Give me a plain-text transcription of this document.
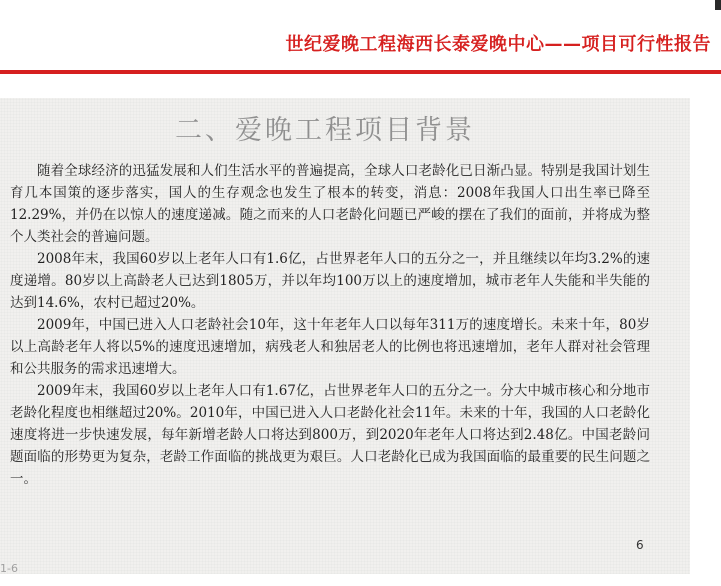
世纪爱晚工程海西长泰爱晚中心——项目可行性报告
二、爱晚工程项目背景

随着全球经济的迅猛发展和人们生活水平的普遍提高，全球人口老龄化已日渐凸显。特别是我国计划生育几本国策的逐步落实，国人的生存观念也发生了根本的转变，消息：2008年我国人口出生率已降至12.29%，并仍在以惊人的速度递减。随之而来的人口老龄化问题已严峻的摆在了我们的面前，并将成为整个人类社会的普遍问题。

2008年末，我国60岁以上老年人口有1.6亿，占世界老年人口的五分之一，并且继续以年均3.2%的速度递增。80岁以上高龄老人已达到1805万，并以年均100万以上的速度增加，城市老年人失能和半失能的达到14.6%，农村已超过20%。

2009年，中国已进入人口老龄社会10年，这十年老年人口以每年311万的速度增长。未来十年，80岁以上高龄老年人将以5%的速度迅速增加，病残老人和独居老人的比例也将迅速增加，老年人群对社会管理和公共服务的需求迅速增大。

2009年末，我国60岁以上老年人口有1.67亿，占世界老年人口的五分之一。分大中城市核心和分地市老龄化程度也相继超过20%。2010年，中国已进入人口老龄化社会11年。未来的十年，我国的人口老龄化速度将进一步快速发展，每年新增老龄人口将达到800万，到2020年老年人口将达到2.48亿。中国老龄问题面临的形势更为复杂，老龄工作面临的挑战更为艰巨。人口老龄化已成为我国面临的最重要的民生问题之一。

6
1-6
